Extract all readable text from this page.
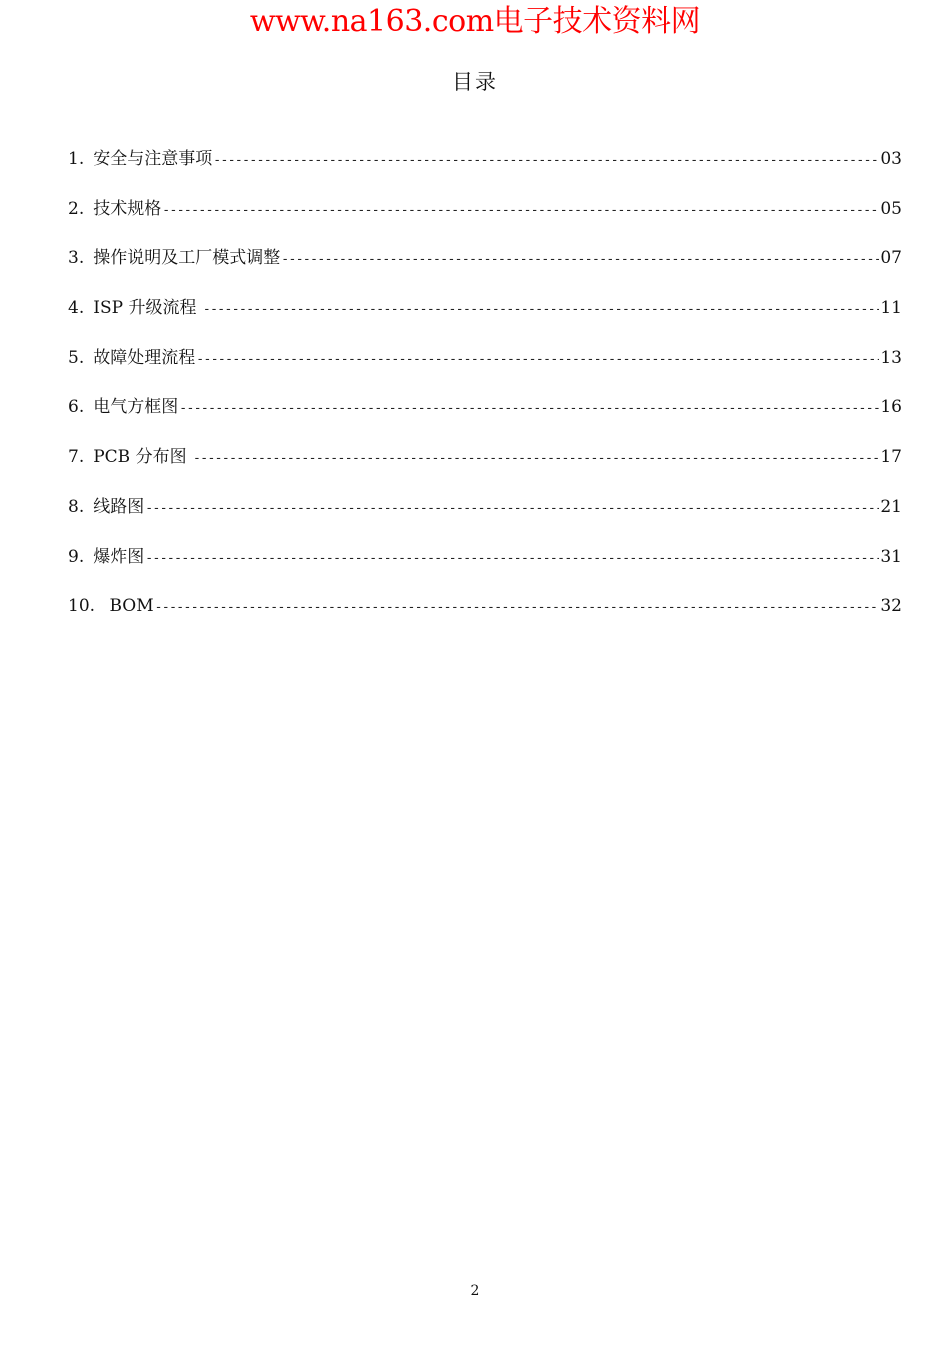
www.na163.com电子技术资料网
目录
1. 安全与注意事项 -----	03
2. 技术规格 -----	05
3. 操作说明及工厂模式调整 -----	07
4. ISP 升级流程 -----	11
5. 故障处理流程 -----	13
6. 电气方框图 -----	16
7. PCB 分布图 -----	17
8. 线路图 -----	21
9. 爆炸图 -----	31
10. BOM -----	32
2
